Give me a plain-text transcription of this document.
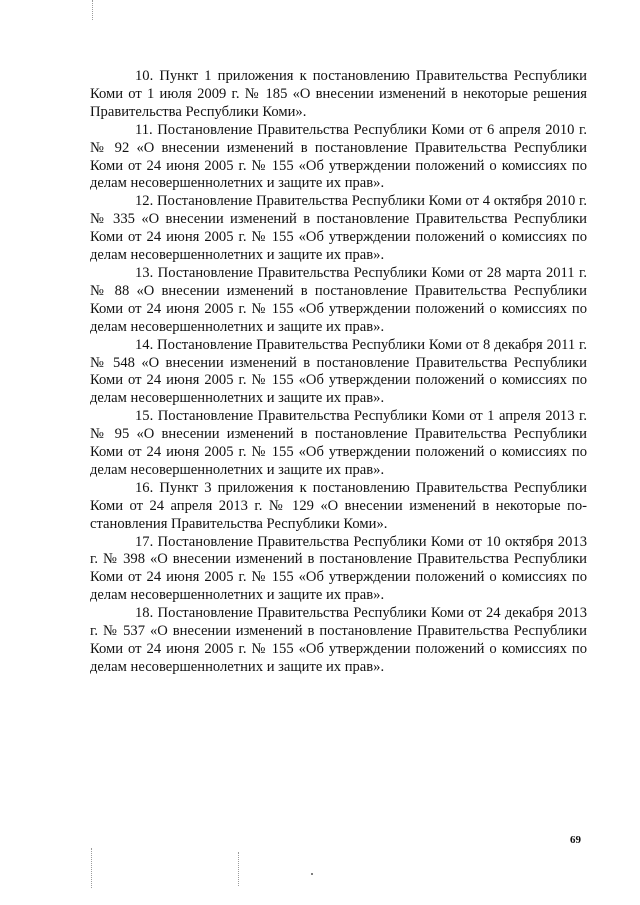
10. Пункт 1 приложения к постановлению Правительства Республики Коми от 1 июля 2009 г. № 185 «О внесении изменений в некоторые решения Правительства Республики Коми».

11. Постановление Правительства Республики Коми от 6 апреля 2010 г. № 92 «О внесении изменений в постановление Правительства Республики Коми от 24 июня 2005 г. № 155 «Об утверждении положений о комиссиях по делам несовершеннолетних и защите их прав».

12. Постановление Правительства Республики Коми от 4 октября 2010 г. № 335 «О внесении изменений в постановление Правительства Республики Коми от 24 июня 2005 г. № 155 «Об утверждении положений о комиссиях по делам несовершеннолетних и защите их прав».

13. Постановление Правительства Республики Коми от 28 марта 2011 г. № 88 «О внесении изменений в постановление Правительства Республики Коми от 24 июня 2005 г. № 155 «Об утверждении положений о комиссиях по делам несовершеннолетних и защите их прав».

14. Постановление Правительства Республики Коми от 8 декабря 2011 г. № 548 «О внесении изменений в постановление Правительства Республики Коми от 24 июня 2005 г. № 155 «Об утверждении положений о комиссиях по делам несовершеннолетних и защите их прав».

15. Постановление Правительства Республики Коми от 1 апреля 2013 г. № 95 «О внесении изменений в постановление Правительства Республики Коми от 24 июня 2005 г. № 155 «Об утверждении положений о комиссиях по делам несовершеннолетних и защите их прав».

16. Пункт 3 приложения к постановлению Правительства Республики Коми от 24 апреля 2013 г. № 129 «О внесении изменений в некоторые постановления Правительства Республики Коми».

17. Постановление Правительства Республики Коми от 10 октября 2013 г. № 398 «О внесении изменений в постановление Правительства Республики Коми от 24 июня 2005 г. № 155 «Об утверждении положений о комиссиях по делам несовершеннолетних и защите их прав».

18. Постановление Правительства Республики Коми от 24 декабря 2013 г. № 537 «О внесении изменений в постановление Правительства Республики Коми от 24 июня 2005 г. № 155 «Об утверждении положений о комиссиях по делам несовершеннолетних и защите их прав».

69
